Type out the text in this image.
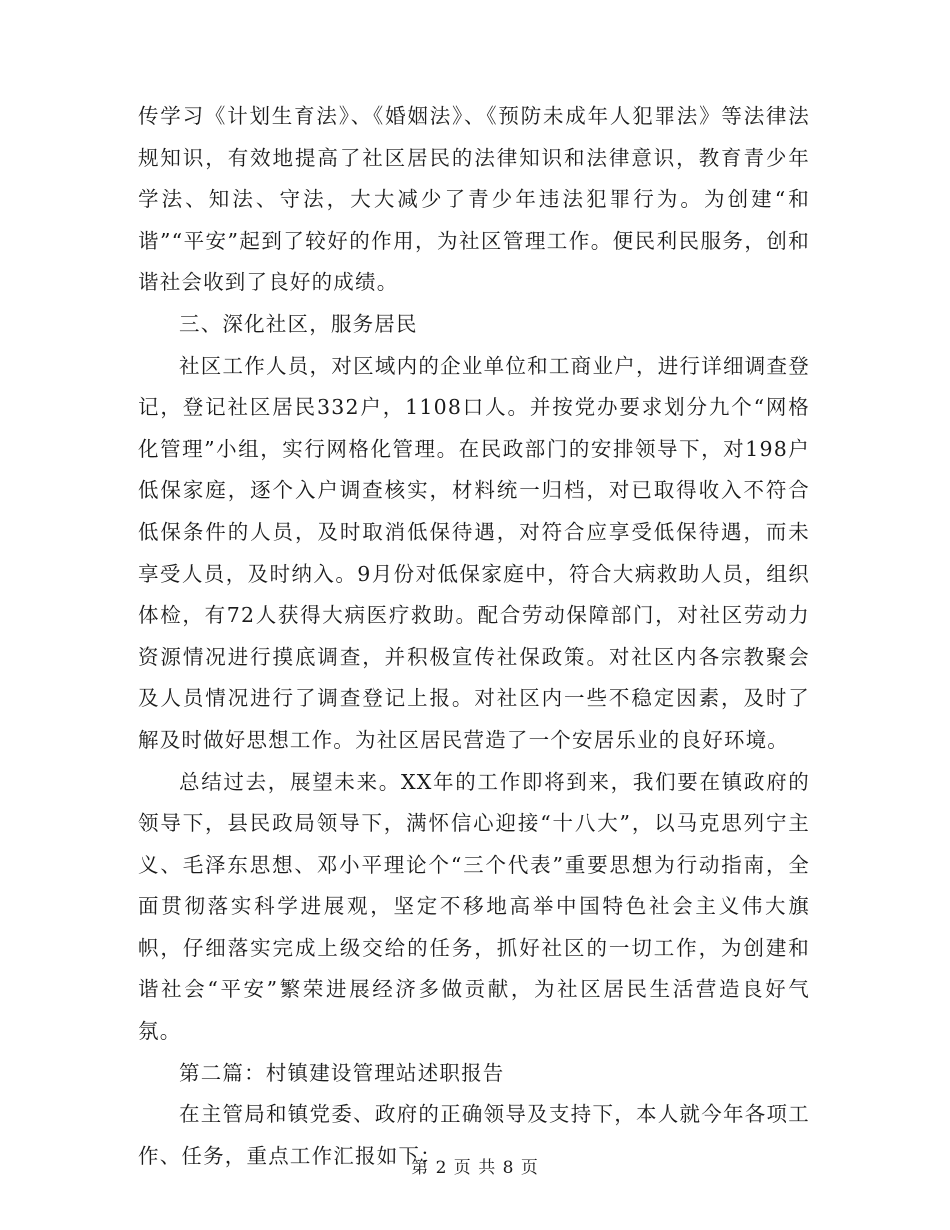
传学习《计划生育法》、《婚姻法》、《预防未成年人犯罪法》等法律法规知识，有效地提高了社区居民的法律知识和法律意识，教育青少年学法、知法、守法，大大减少了青少年违法犯罪行为。为创建“和谐”“平安”起到了较好的作用，为社区管理工作。便民利民服务，创和谐社会收到了良好的成绩。

三、深化社区，服务居民

社区工作人员，对区域内的企业单位和工商业户，进行详细调查登记，登记社区居民332户，1108口人。并按党办要求划分九个“网格化管理”小组，实行网格化管理。在民政部门的安排领导下，对198户低保家庭，逐个入户调查核实，材料统一归档，对已取得收入不符合低保条件的人员，及时取消低保待遇，对符合应享受低保待遇，而未享受人员，及时纳入。9月份对低保家庭中，符合大病救助人员，组织体检，有72人获得大病医疗救助。配合劳动保障部门，对社区劳动力资源情况进行摸底调查，并积极宣传社保政策。对社区内各宗教聚会及人员情况进行了调查登记上报。对社区内一些不稳定因素，及时了解及时做好思想工作。为社区居民营造了一个安居乐业的良好环境。

总结过去，展望未来。XX年的工作即将到来，我们要在镇政府的领导下，县民政局领导下，满怀信心迎接“十八大”，以马克思列宁主义、毛泽东思想、邓小平理论个“三个代表”重要思想为行动指南，全面贯彻落实科学进展观，坚定不移地高举中国特色社会主义伟大旗帜，仔细落实完成上级交给的任务，抓好社区的一切工作，为创建和谐社会“平安”繁荣进展经济多做贡献，为社区居民生活营造良好气氛。

第二篇：村镇建设管理站述职报告

在主管局和镇党委、政府的正确领导及支持下，本人就今年各项工作、任务，重点工作汇报如下：

第 2 页 共 8 页
